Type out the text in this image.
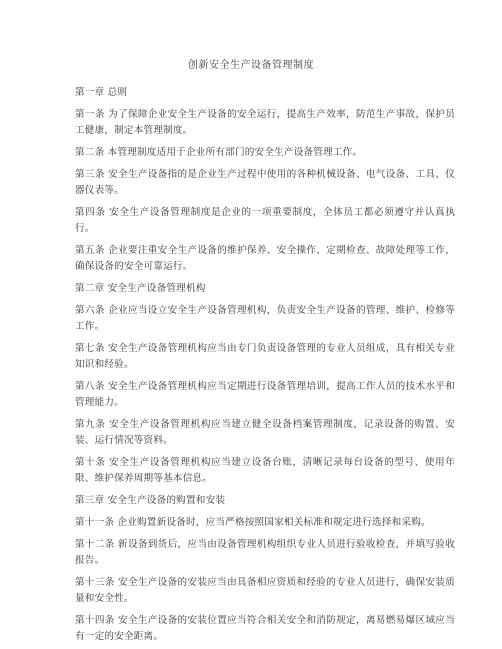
创新安全生产设备管理制度
第一章 总则
第一条 为了保障企业安全生产设备的安全运行，提高生产效率，防范生产事故，保护员工健康，制定本管理制度。
第二条 本管理制度适用于企业所有部门的安全生产设备管理工作。
第三条 安全生产设备指的是企业生产过程中使用的各种机械设备、电气设备、工具、仪器仪表等。
第四条 安全生产设备管理制度是企业的一项重要制度，全体员工都必须遵守并认真执行。
第五条 企业要注重安全生产设备的维护保养、安全操作、定期检查、故障处理等工作，确保设备的安全可靠运行。
第二章 安全生产设备管理机构
第六条 企业应当设立安全生产设备管理机构，负责安全生产设备的管理、维护、检修等工作。
第七条 安全生产设备管理机构应当由专门负责设备管理的专业人员组成，具有相关专业知识和经验。
第八条 安全生产设备管理机构应当定期进行设备管理培训，提高工作人员的技术水平和管理能力。
第九条 安全生产设备管理机构应当建立健全设备档案管理制度，记录设备的购置、安装、运行情况等资料。
第十条 安全生产设备管理机构应当建立设备台账，清晰记录每台设备的型号、使用年限、维护保养周期等基本信息。
第三章 安全生产设备的购置和安装
第十一条 企业购置新设备时，应当严格按照国家相关标准和规定进行选择和采购。
第十二条 新设备到货后，应当由设备管理机构组织专业人员进行验收检查，并填写验收报告。
第十三条 安全生产设备的安装应当由具备相应资质和经验的专业人员进行，确保安装质量和安全性。
第十四条 安全生产设备的安装位置应当符合相关安全和消防规定，离易燃易爆区域应当有一定的安全距离。
